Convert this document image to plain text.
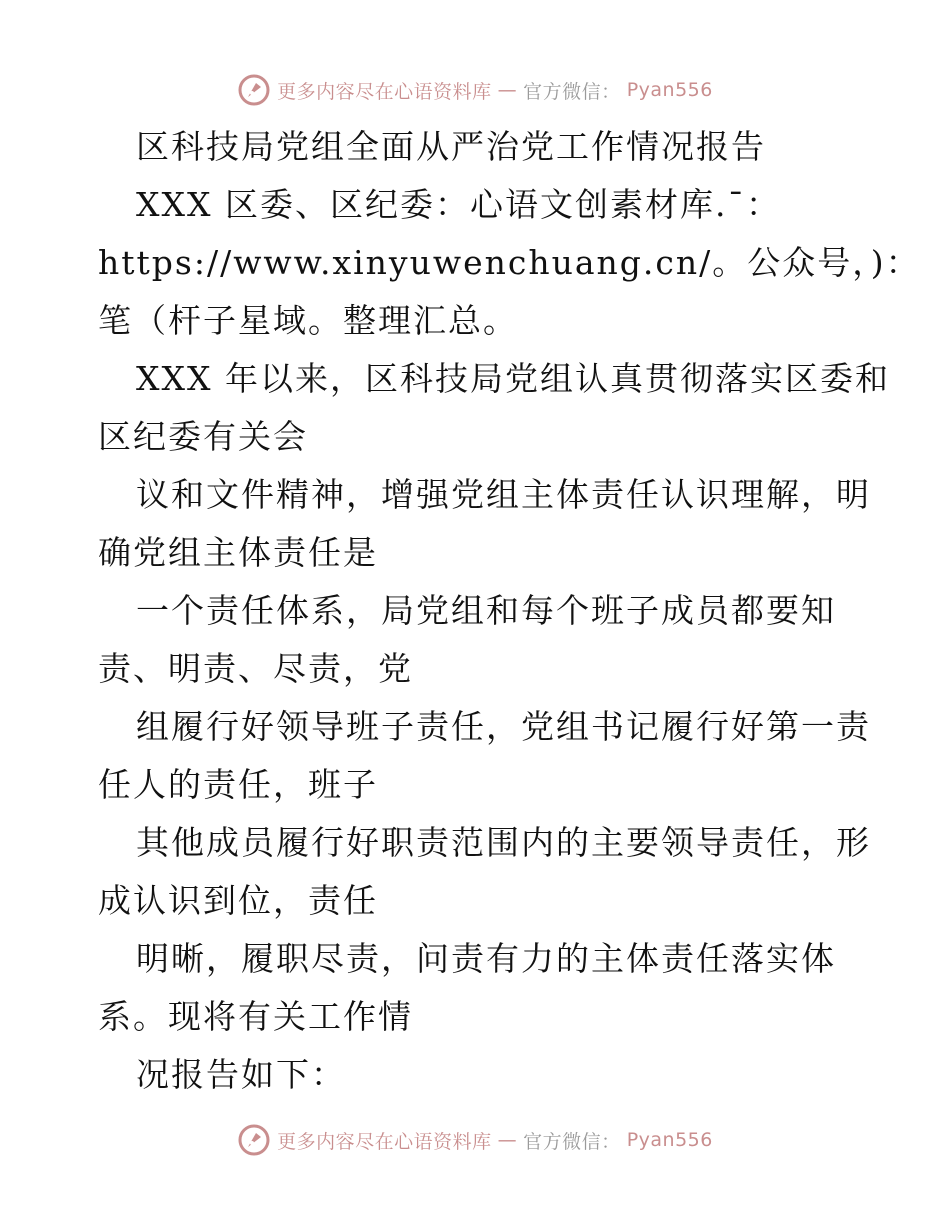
更多内容尽在心语资料库 — 官方微信： Pyan556
区科技局党组全面从严治党工作情况报告
XXX 区委、区纪委：心语文创素材库.¯：
https://www.xinyuwenchuang.cn/。公众号，)：
笔（杆子星域。整理汇总。
XXX 年以来，区科技局党组认真贯彻落实区委和
区纪委有关会
议和文件精神，增强党组主体责任认识理解，明
确党组主体责任是
一个责任体系，局党组和每个班子成员都要知
责、明责、尽责，党
组履行好领导班子责任，党组书记履行好第一责
任人的责任，班子
其他成员履行好职责范围内的主要领导责任，形
成认识到位，责任
明晰，履职尽责，问责有力的主体责任落实体
系。现将有关工作情
况报告如下：
更多内容尽在心语资料库 — 官方微信： Pyan556
